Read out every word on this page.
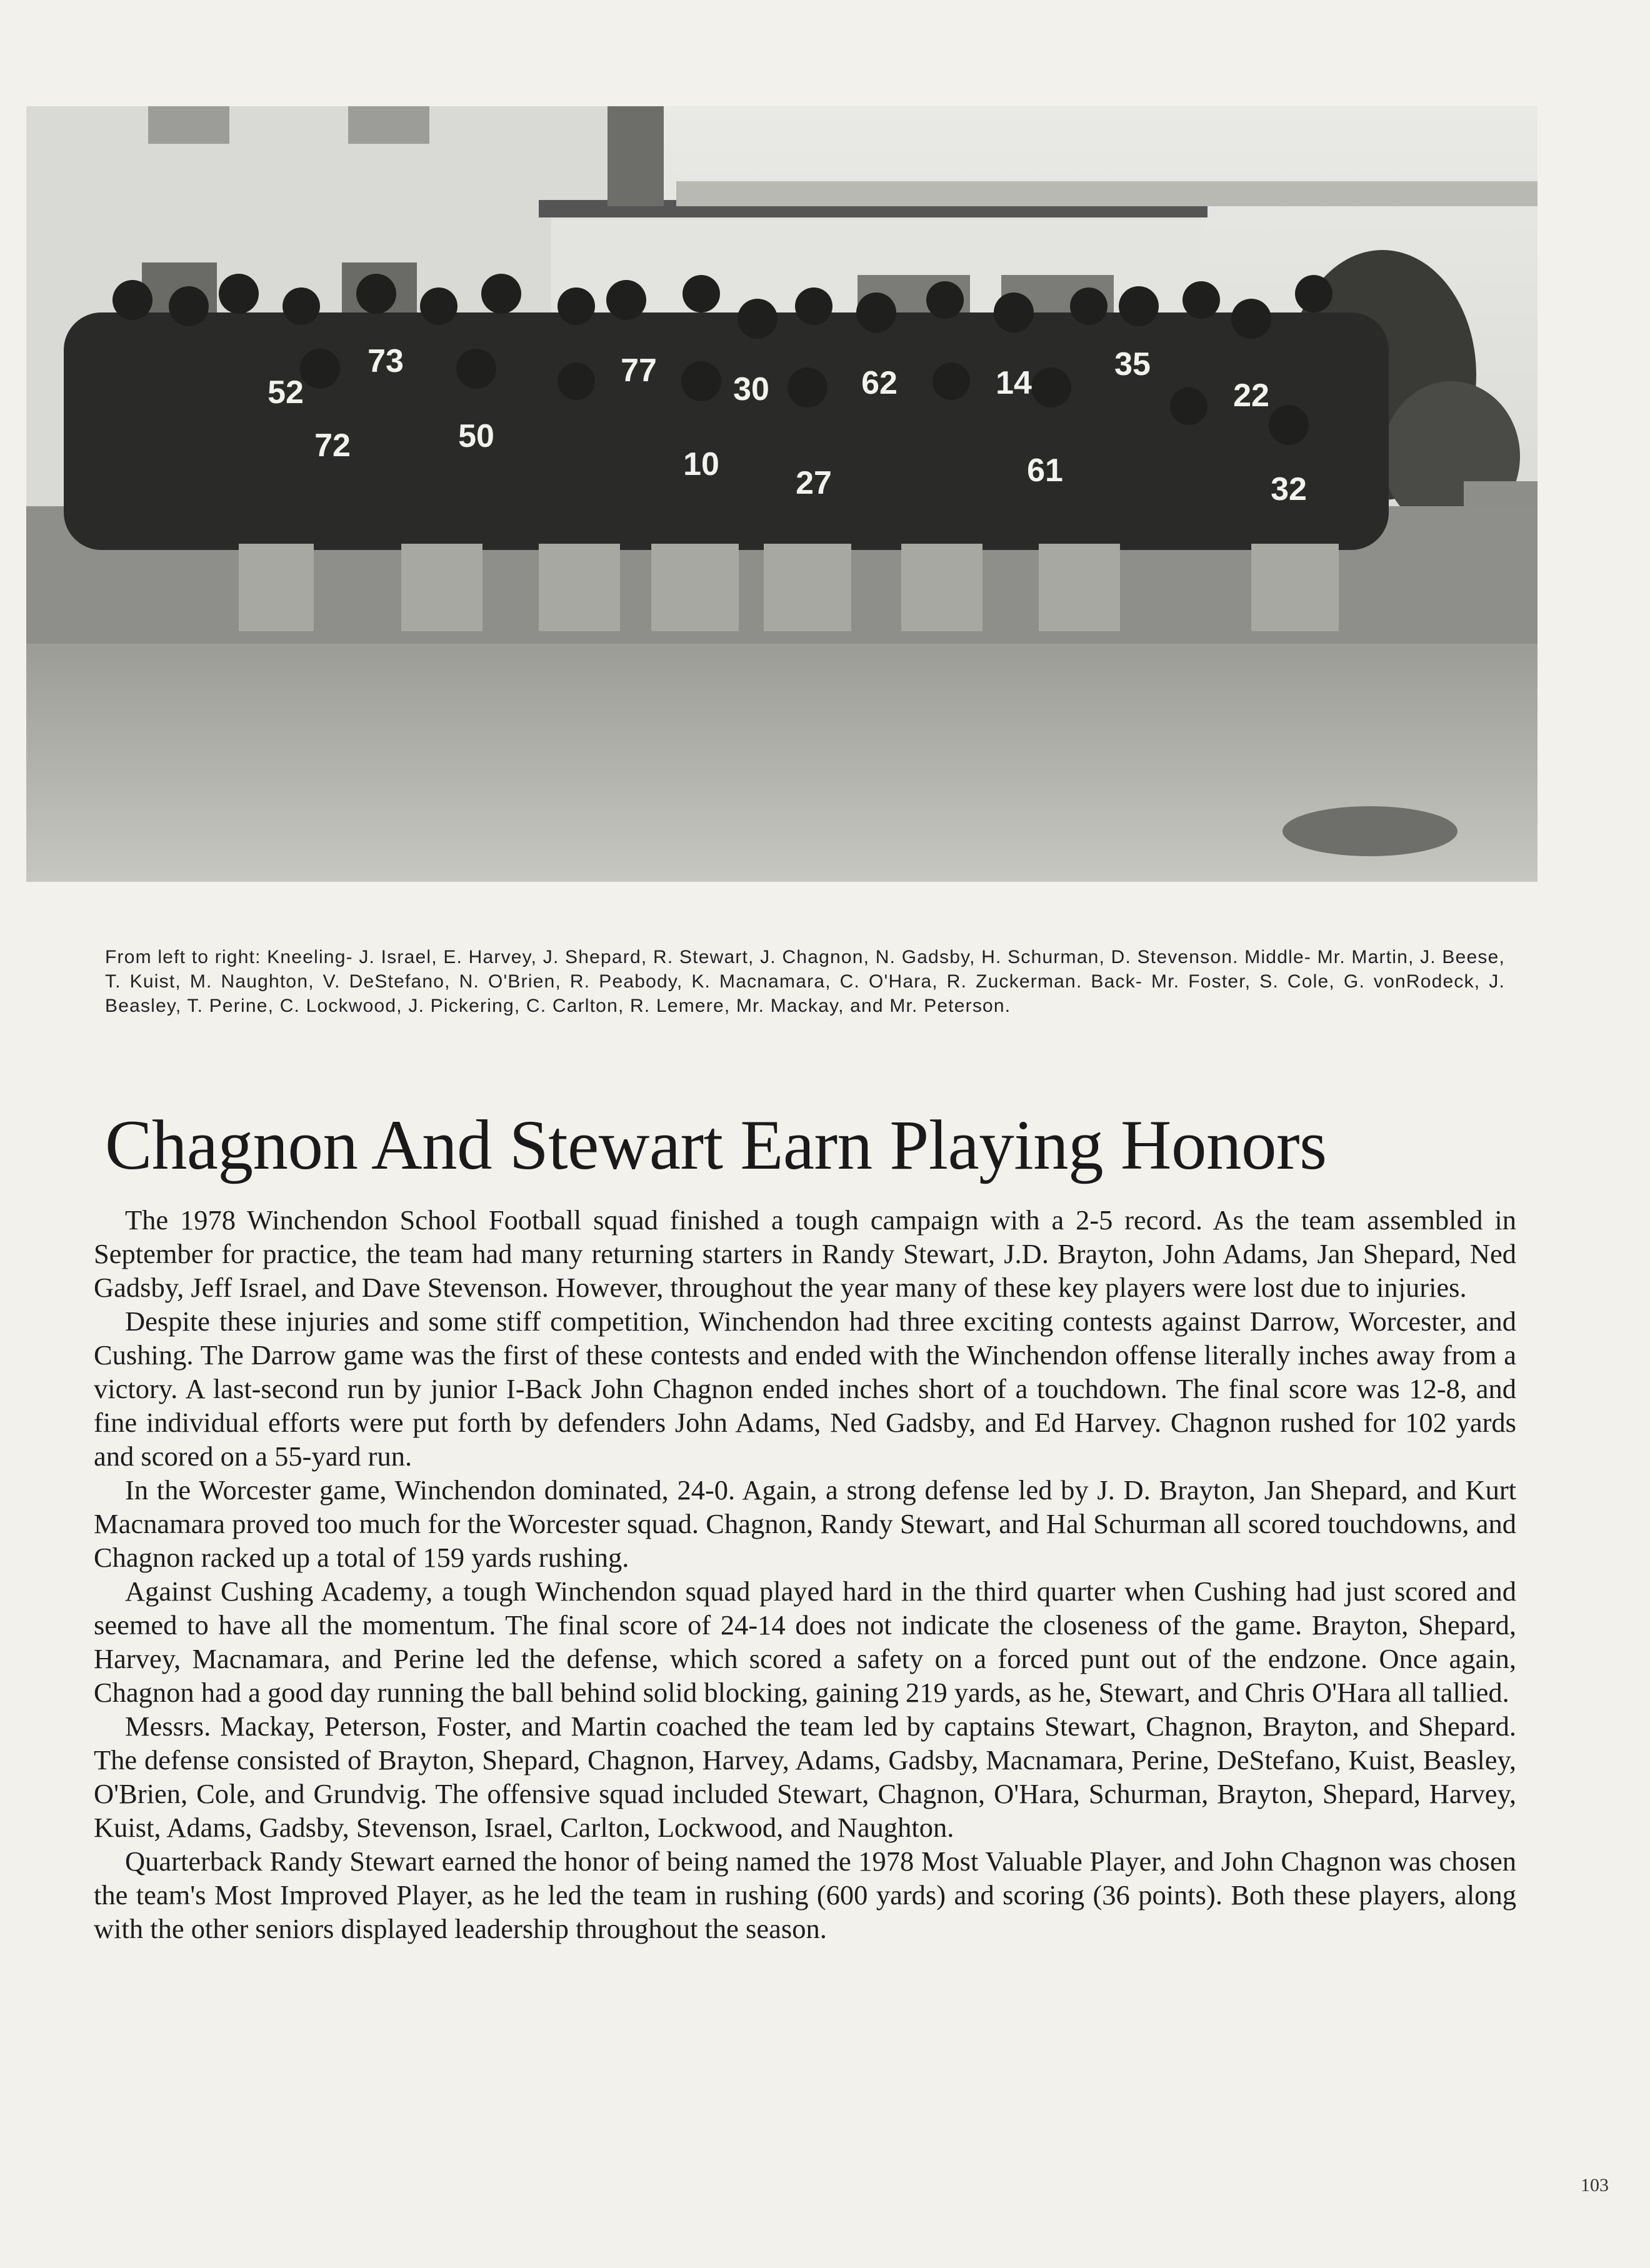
73
52
77
30	62	14
35
22
72	50
10
27	61
32
From left to right: Kneeling- J. Israel, E. Harvey, J. Shepard, R. Stewart, J. Chagnon, N. Gadsby, H. Schurman, D. Stevenson. Middle- Mr. Martin, J. Beese, T. Kuist, M. Naughton, V. DeStefano, N. O'Brien, R. Peabody, K. Macnamara, C. O'Hara, R. Zuckerman. Back- Mr. Foster, S. Cole, G. vonRodeck, J. Beasley, T. Perine, C. Lockwood, J. Pickering, C. Carlton, R. Lemere, Mr. Mackay, and Mr. Peterson.
Chagnon And Stewart Earn Playing Honors

The 1978 Winchendon School Football squad finished a tough campaign with a 2-5 record. As the team assembled in September for practice, the team had many returning starters in Randy Stewart, J.D. Brayton, John Adams, Jan Shepard, Ned Gadsby, Jeff Israel, and Dave Stevenson. However, throughout the year many of these key players were lost due to injuries.

Despite these injuries and some stiff competition, Winchendon had three exciting contests against Darrow, Worcester, and Cushing. The Darrow game was the first of these contests and ended with the Winchendon offense literally inches away from a victory. A last-second run by junior I-Back John Chagnon ended inches short of a touchdown. The final score was 12-8, and fine individual efforts were put forth by defenders John Adams, Ned Gadsby, and Ed Harvey. Chagnon rushed for 102 yards and scored on a 55-yard run.

In the Worcester game, Winchendon dominated, 24-0. Again, a strong defense led by J. D. Brayton, Jan Shepard, and Kurt Macnamara proved too much for the Worcester squad. Chagnon, Randy Stewart, and Hal Schurman all scored touchdowns, and Chagnon racked up a total of 159 yards rushing.

Against Cushing Academy, a tough Winchendon squad played hard in the third quarter when Cushing had just scored and seemed to have all the momentum. The final score of 24-14 does not indicate the closeness of the game. Brayton, Shepard, Harvey, Macnamara, and Perine led the defense, which scored a safety on a forced punt out of the endzone. Once again, Chagnon had a good day running the ball behind solid blocking, gaining 219 yards, as he, Stewart, and Chris O'Hara all tallied.

Messrs. Mackay, Peterson, Foster, and Martin coached the team led by captains Stewart, Chagnon, Brayton, and Shepard. The defense consisted of Brayton, Shepard, Chagnon, Harvey, Adams, Gadsby, Macnamara, Perine, DeStefano, Kuist, Beasley, O'Brien, Cole, and Grundvig. The offensive squad included Stewart, Chagnon, O'Hara, Schurman, Brayton, Shepard, Harvey, Kuist, Adams, Gadsby, Stevenson, Israel, Carlton, Lockwood, and Naughton.

Quarterback Randy Stewart earned the honor of being named the 1978 Most Valuable Player, and John Chagnon was chosen the team's Most Improved Player, as he led the team in rushing (600 yards) and scoring (36 points). Both these players, along with the other seniors displayed leadership throughout the season.

103
